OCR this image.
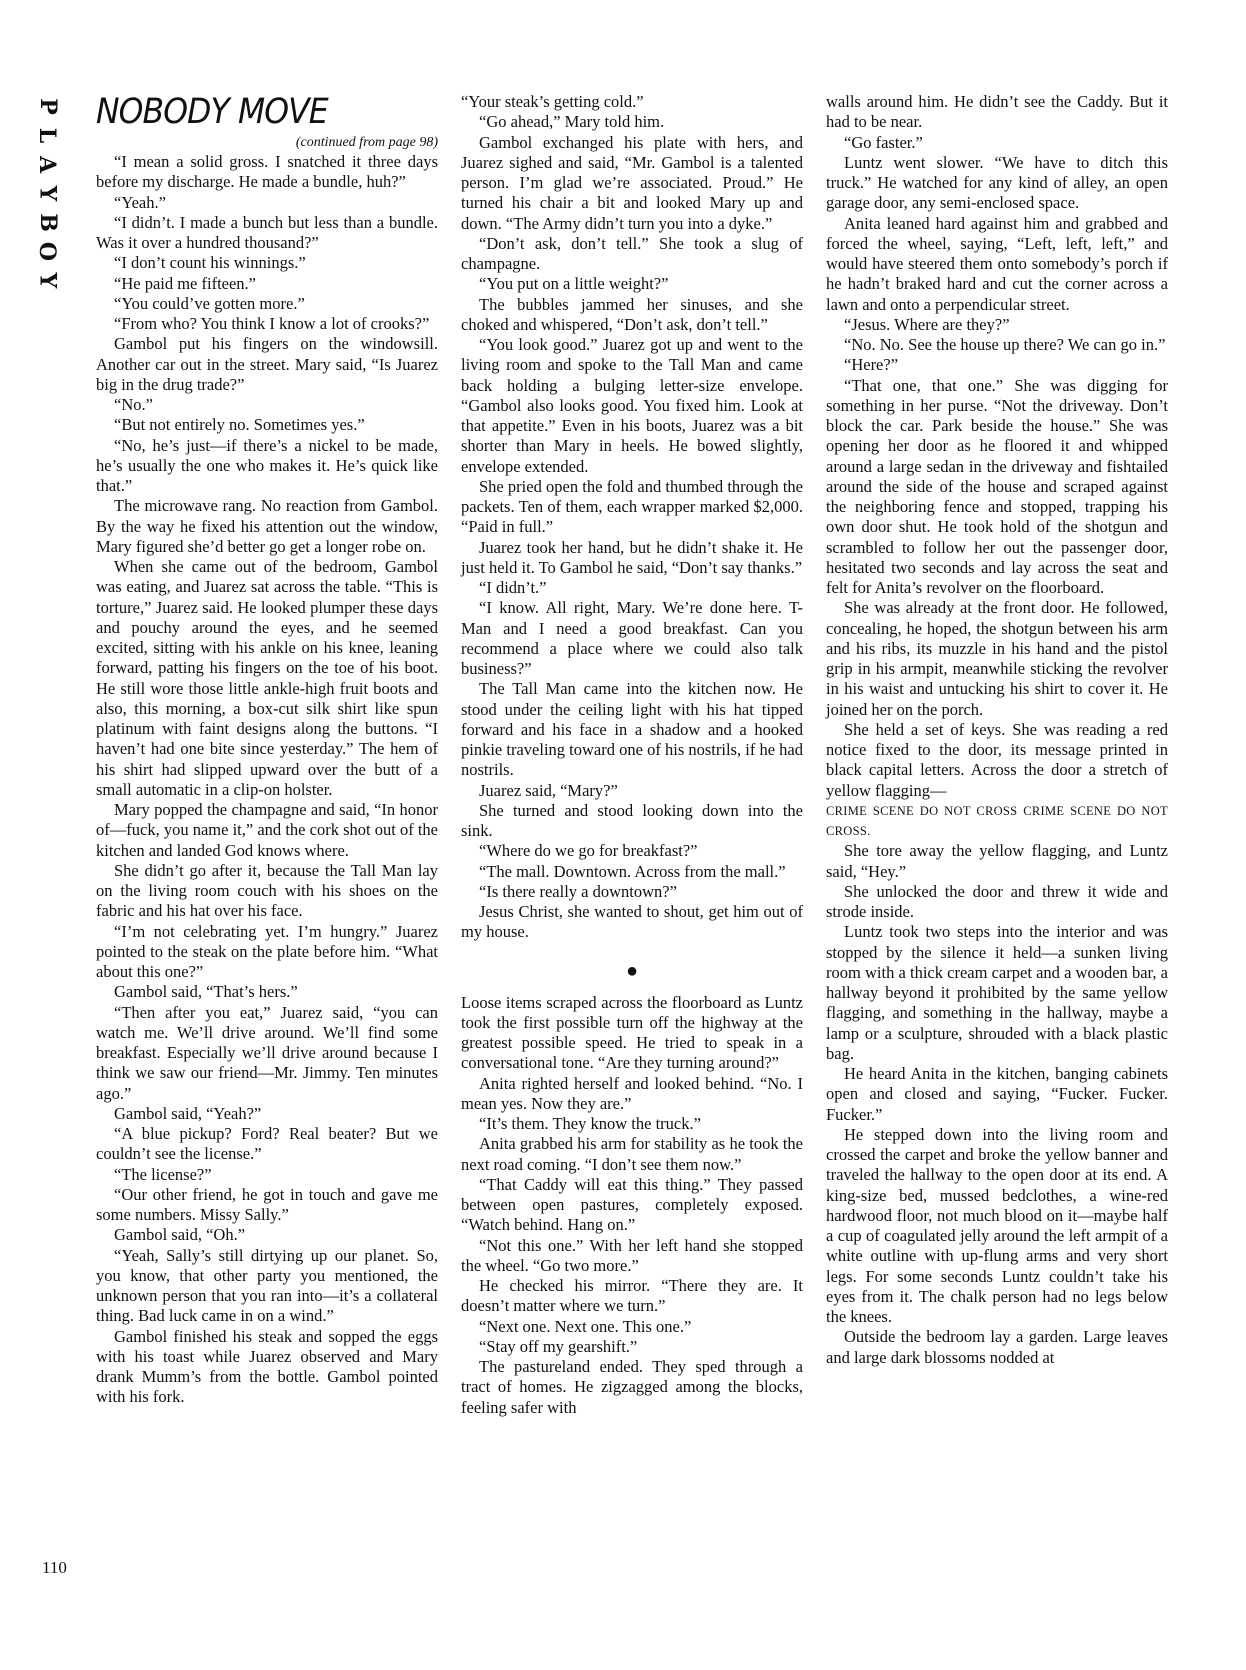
P
L
A
Y
B
O
Y
NOBODY MOVE
(continued from page 98)

“I mean a solid gross. I snatched it three days before my discharge. He made a bundle, huh?”

“Yeah.”

“I didn’t. I made a bunch but less than a bundle. Was it over a hundred thousand?”

“I don’t count his winnings.”

“He paid me fifteen.”

“You could’ve gotten more.”

“From who? You think I know a lot of crooks?”

Gambol put his fingers on the windowsill. Another car out in the street. Mary said, “Is Juarez big in the drug trade?”

“No.”

“But not entirely no. Sometimes yes.”

“No, he’s just—if there’s a nickel to be made, he’s usually the one who makes it. He’s quick like that.”

The microwave rang. No reaction from Gambol. By the way he fixed his attention out the window, Mary figured she’d better go get a longer robe on.

When she came out of the bedroom, Gambol was eating, and Juarez sat across the table. “This is torture,” Juarez said. He looked plumper these days and pouchy around the eyes, and he seemed excited, sitting with his ankle on his knee, leaning forward, patting his fingers on the toe of his boot. He still wore those little ankle-high fruit boots and also, this morning, a box-cut silk shirt like spun platinum with faint designs along the buttons. “I haven’t had one bite since yesterday.” The hem of his shirt had slipped upward over the butt of a small automatic in a clip-on holster.

Mary popped the champagne and said, “In honor of—fuck, you name it,” and the cork shot out of the kitchen and landed God knows where.

She didn’t go after it, because the Tall Man lay on the living room couch with his shoes on the fabric and his hat over his face.

“I’m not celebrating yet. I’m hungry.” Juarez pointed to the steak on the plate before him. “What about this one?”

Gambol said, “That’s hers.”

“Then after you eat,” Juarez said, “you can watch me. We’ll drive around. We’ll find some breakfast. Especially we’ll drive around because I think we saw our friend—Mr. Jimmy. Ten minutes ago.”

Gambol said, “Yeah?”

“A blue pickup? Ford? Real beater? But we couldn’t see the license.”

“The license?”

“Our other friend, he got in touch and gave me some numbers. Missy Sally.”

Gambol said, “Oh.”

“Yeah, Sally’s still dirtying up our planet. So, you know, that other party you mentioned, the unknown person that you ran into—it’s a collateral thing. Bad luck came in on a wind.”

Gambol finished his steak and sopped the eggs with his toast while Juarez observed and Mary drank Mumm’s from the bottle. Gambol pointed with his fork.

“Your steak’s getting cold.”

“Go ahead,” Mary told him.

Gambol exchanged his plate with hers, and Juarez sighed and said, “Mr. Gambol is a talented person. I’m glad we’re associated. Proud.” He turned his chair a bit and looked Mary up and down. “The Army didn’t turn you into a dyke.”

“Don’t ask, don’t tell.” She took a slug of champagne.

“You put on a little weight?”

The bubbles jammed her sinuses, and she choked and whispered, “Don’t ask, don’t tell.”

“You look good.” Juarez got up and went to the living room and spoke to the Tall Man and came back holding a bulging letter-size envelope. “Gambol also looks good. You fixed him. Look at that appetite.” Even in his boots, Juarez was a bit shorter than Mary in heels. He bowed slightly, envelope extended.

She pried open the fold and thumbed through the packets. Ten of them, each wrapper marked $2,000. “Paid in full.”

Juarez took her hand, but he didn’t shake it. He just held it. To Gambol he said, “Don’t say thanks.”

“I didn’t.”

“I know. All right, Mary. We’re done here. T-Man and I need a good breakfast. Can you recommend a place where we could also talk business?”

The Tall Man came into the kitchen now. He stood under the ceiling light with his hat tipped forward and his face in a shadow and a hooked pinkie traveling toward one of his nostrils, if he had nostrils.

Juarez said, “Mary?”

She turned and stood looking down into the sink.

“Where do we go for breakfast?”

“The mall. Downtown. Across from the mall.”

“Is there really a downtown?”

Jesus Christ, she wanted to shout, get him out of my house.

●

Loose items scraped across the floorboard as Luntz took the first possible turn off the highway at the greatest possible speed. He tried to speak in a conversational tone. “Are they turning around?”

Anita righted herself and looked behind. “No. I mean yes. Now they are.”

“It’s them. They know the truck.”

Anita grabbed his arm for stability as he took the next road coming. “I don’t see them now.”

“That Caddy will eat this thing.” They passed between open pastures, completely exposed. “Watch behind. Hang on.”

“Not this one.” With her left hand she stopped the wheel. “Go two more.”

He checked his mirror. “There they are. It doesn’t matter where we turn.”

“Next one. Next one. This one.”

“Stay off my gearshift.”

The pastureland ended. They sped through a tract of homes. He zigzagged among the blocks, feeling safer with

walls around him. He didn’t see the Caddy. But it had to be near.

“Go faster.”

Luntz went slower. “We have to ditch this truck.” He watched for any kind of alley, an open garage door, any semi-enclosed space.

Anita leaned hard against him and grabbed and forced the wheel, saying, “Left, left, left,” and would have steered them onto somebody’s porch if he hadn’t braked hard and cut the corner across a lawn and onto a perpendicular street.

“Jesus. Where are they?”

“No. No. See the house up there? We can go in.”

“Here?”

“That one, that one.” She was digging for something in her purse. “Not the driveway. Don’t block the car. Park beside the house.” She was opening her door as he floored it and whipped around a large sedan in the driveway and fishtailed around the side of the house and scraped against the neighboring fence and stopped, trapping his own door shut. He took hold of the shotgun and scrambled to follow her out the passenger door, hesitated two seconds and lay across the seat and felt for Anita’s revolver on the floorboard.

She was already at the front door. He followed, concealing, he hoped, the shotgun between his arm and his ribs, its muzzle in his hand and the pistol grip in his armpit, meanwhile sticking the revolver in his waist and untucking his shirt to cover it. He joined her on the porch.

She held a set of keys. She was reading a red notice fixed to the door, its message printed in black capital letters. Across the door a stretch of yellow flagging—

CRIME SCENE DO NOT CROSS CRIME SCENE DO NOT CROSS.

She tore away the yellow flagging, and Luntz said, “Hey.”

She unlocked the door and threw it wide and strode inside.

Luntz took two steps into the interior and was stopped by the silence it held—a sunken living room with a thick cream carpet and a wooden bar, a hallway beyond it prohibited by the same yellow flagging, and something in the hallway, maybe a lamp or a sculpture, shrouded with a black plastic bag.

He heard Anita in the kitchen, banging cabinets open and closed and saying, “Fucker. Fucker. Fucker.”

He stepped down into the living room and crossed the carpet and broke the yellow banner and traveled the hallway to the open door at its end. A king-size bed, mussed bedclothes, a wine-red hardwood floor, not much blood on it—maybe half a cup of coagulated jelly around the left armpit of a white outline with up-flung arms and very short legs. For some seconds Luntz couldn’t take his eyes from it. The chalk person had no legs below the knees.

Outside the bedroom lay a garden. Large leaves and large dark blossoms nodded at

110
